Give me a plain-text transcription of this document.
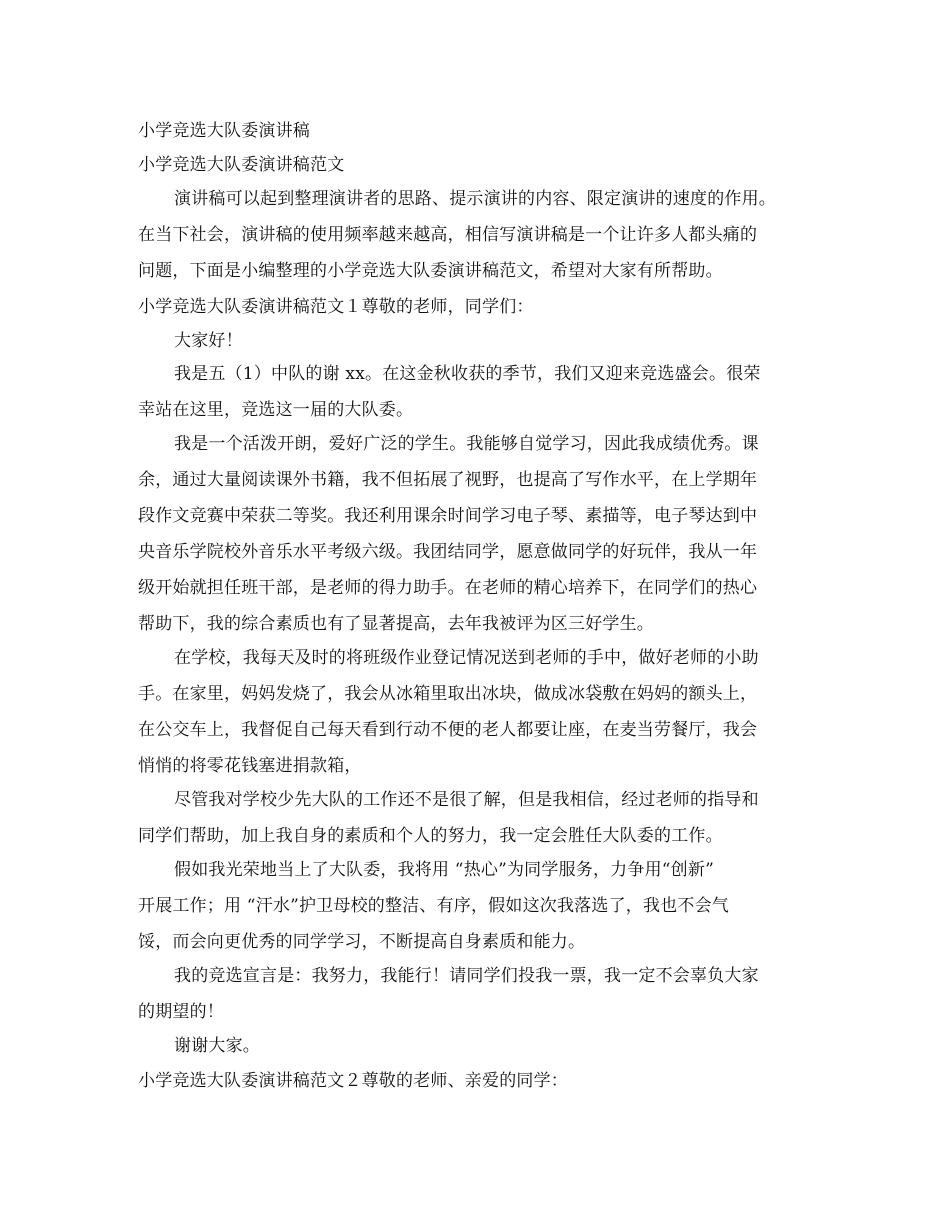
小学竞选大队委演讲稿
小学竞选大队委演讲稿范文
演讲稿可以起到整理演讲者的思路、提示演讲的内容、限定演讲的速度的作用。
在当下社会，演讲稿的使用频率越来越高，相信写演讲稿是一个让许多人都头痛的
问题，下面是小编整理的小学竞选大队委演讲稿范文，希望对大家有所帮助。
小学竞选大队委演讲稿范文１尊敬的老师，同学们：
大家好！
我是五（1）中队的谢 xx。在这金秋收获的季节，我们又迎来竞选盛会。很荣
幸站在这里，竞选这一届的大队委。
我是一个活泼开朗，爱好广泛的学生。我能够自觉学习，因此我成绩优秀。课
余，通过大量阅读课外书籍，我不但拓展了视野，也提高了写作水平，在上学期年
段作文竞赛中荣获二等奖。我还利用课余时间学习电子琴、素描等，电子琴达到中
央音乐学院校外音乐水平考级六级。我团结同学，愿意做同学的好玩伴，我从一年
级开始就担任班干部，是老师的得力助手。在老师的精心培养下，在同学们的热心
帮助下，我的综合素质也有了显著提高，去年我被评为区三好学生。
在学校，我每天及时的将班级作业登记情况送到老师的手中，做好老师的小助
手。在家里，妈妈发烧了，我会从冰箱里取出冰块，做成冰袋敷在妈妈的额头上，
在公交车上，我督促自己每天看到行动不便的老人都要让座，在麦当劳餐厅，我会
悄悄的将零花钱塞进捐款箱，
尽管我对学校少先大队的工作还不是很了解，但是我相信，经过老师的指导和
同学们帮助，加上我自身的素质和个人的努力，我一定会胜任大队委的工作。
假如我光荣地当上了大队委，我将用 “热心”为同学服务，力争用“创新”
开展工作；用 “汗水”护卫母校的整洁、有序，假如这次我落选了，我也不会气
馁，而会向更优秀的同学学习，不断提高自身素质和能力。
我的竞选宣言是：我努力，我能行！请同学们投我一票，我一定不会辜负大家
的期望的！
谢谢大家。
小学竞选大队委演讲稿范文２尊敬的老师、亲爱的同学：
